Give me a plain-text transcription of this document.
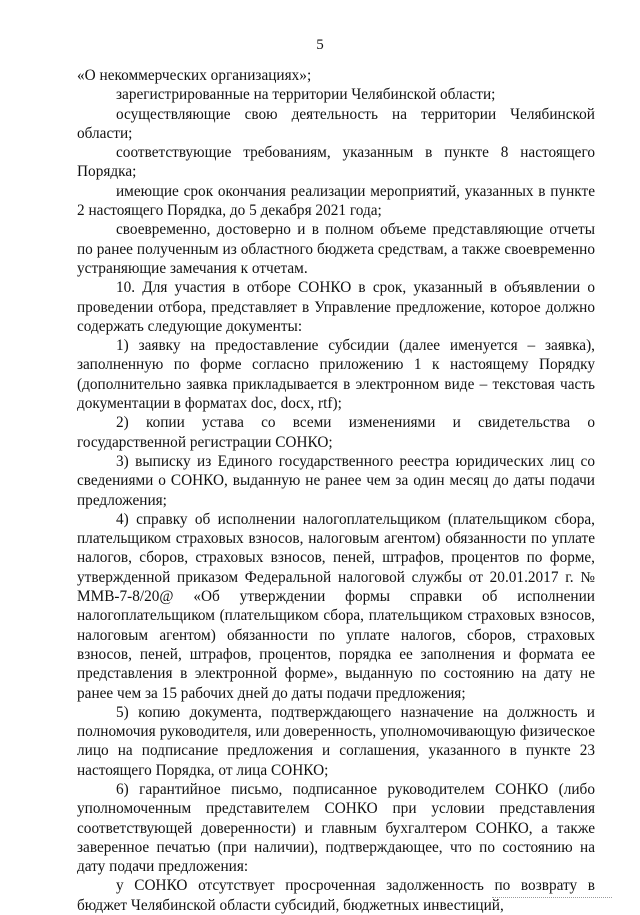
5

«О некоммерческих организациях»;

зарегистрированные на территории Челябинской области;

осуществляющие свою деятельность на территории Челябинской области;

соответствующие требованиям, указанным в пункте 8 настоящего Порядка;

имеющие срок окончания реализации мероприятий, указанных в пункте 2 настоящего Порядка, до 5 декабря 2021 года;

своевременно, достоверно и в полном объеме представляющие отчеты по ранее полученным из областного бюджета средствам, а также своевременно устраняющие замечания к отчетам.

10. Для участия в отборе СОНКО в срок, указанный в объявлении о проведении отбора, представляет в Управление предложение, которое должно содержать следующие документы:

1) заявку на предоставление субсидии (далее именуется – заявка), заполненную по форме согласно приложению 1 к настоящему Порядку (дополнительно заявка прикладывается в электронном виде – текстовая часть документации в форматах doc, docx, rtf);

2) копии устава со всеми изменениями и свидетельства о государственной регистрации СОНКО;

3) выписку из Единого государственного реестра юридических лиц со сведениями о СОНКО, выданную не ранее чем за один месяц до даты подачи предложения;

4) справку об исполнении налогоплательщиком (плательщиком сбора, плательщиком страховых взносов, налоговым агентом) обязанности по уплате налогов, сборов, страховых взносов, пеней, штрафов, процентов по форме, утвержденной приказом Федеральной налоговой службы от 20.01.2017 г. № ММВ-7-8/20@ «Об утверждении формы справки об исполнении налогоплательщиком (плательщиком сбора, плательщиком страховых взносов, налоговым агентом) обязанности по уплате налогов, сборов, страховых взносов, пеней, штрафов, процентов, порядка ее заполнения и формата ее представления в электронной форме», выданную по состоянию на дату не ранее чем за 15 рабочих дней до даты подачи предложения;

5) копию документа, подтверждающего назначение на должность и полномочия руководителя, или доверенность, уполномочивающую физическое лицо на подписание предложения и соглашения, указанного в пункте 23 настоящего Порядка, от лица СОНКО;

6) гарантийное письмо, подписанное руководителем СОНКО (либо уполномоченным представителем СОНКО при условии представления соответствующей доверенности) и главным бухгалтером СОНКО, а также заверенное печатью (при наличии), подтверждающее, что по состоянию на дату подачи предложения:

у СОНКО отсутствует просроченная задолженность по возврату в бюджет Челябинской области субсидий, бюджетных инвестиций,
